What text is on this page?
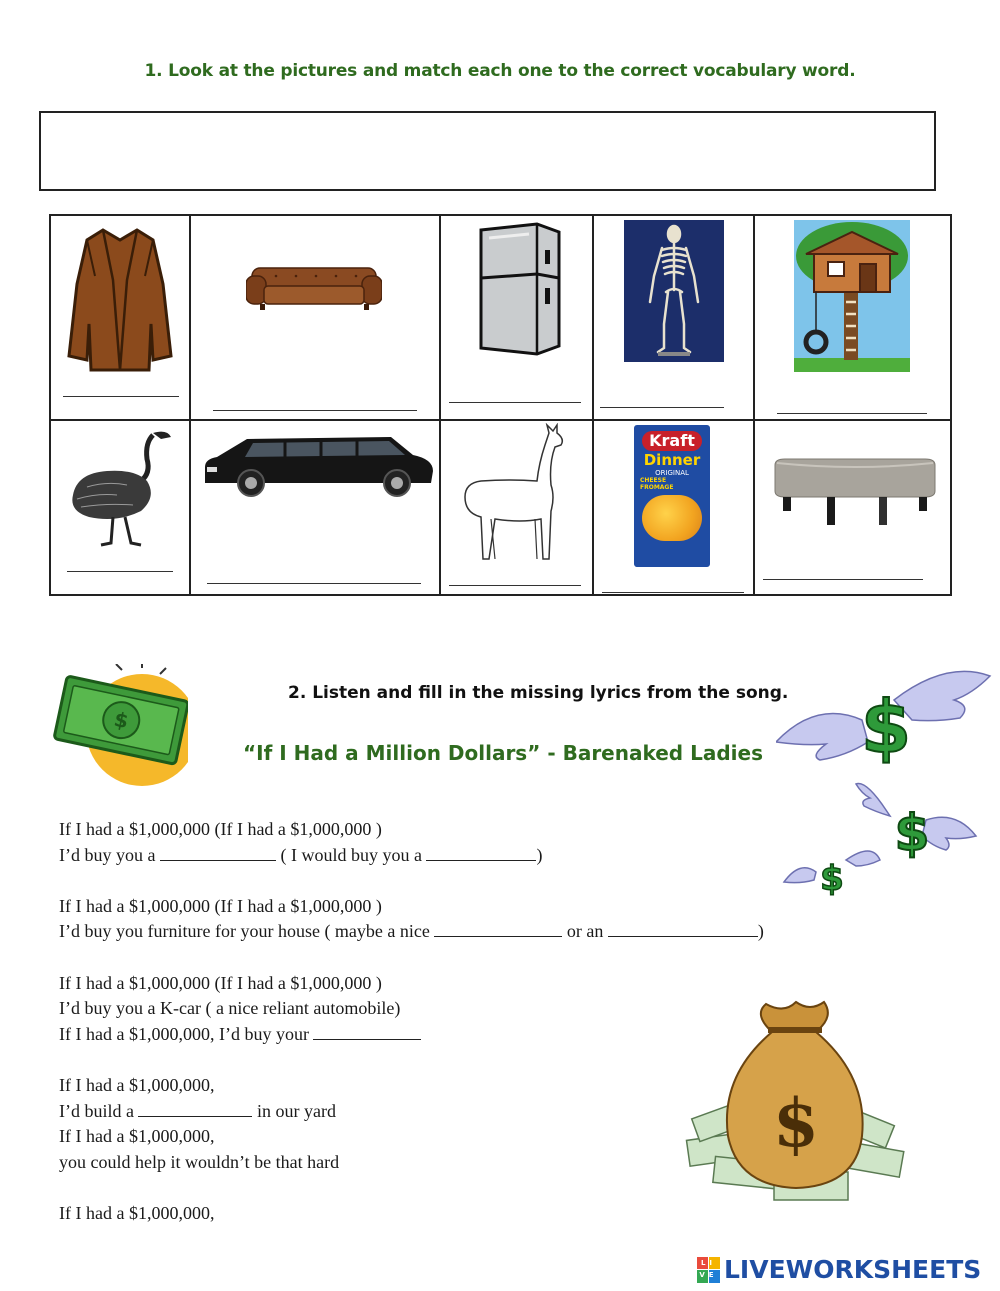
1. Look at the pictures and match each one to the correct vocabulary word.

Kraft
Dinner
ORIGINAL
CHEESE FROMAGE

$
2. Listen and fill in the missing lyrics from the song.
“If I Had a Million Dollars” - Barenaked Ladies $
$
$
If I had a $1,000,000 (If I had a $1,000,000 )
I’d buy you a	( I would buy you a	)
If I had a $1,000,000 (If I had a $1,000,000 )
I’d buy you furniture for your house ( maybe a nice	or an	)
If I had a $1,000,000 (If I had a $1,000,000 )
I’d buy you a K-car ( a nice reliant automobile)
If I had a $1,000,000, I’d buy your
If I had a $1,000,000,
I’d build a	in our yard
If I had a $1,000,000,
you could help it wouldn’t be that hard
If I had a $1,000,000,
$
LIVE LIVEWORKSHEETS
